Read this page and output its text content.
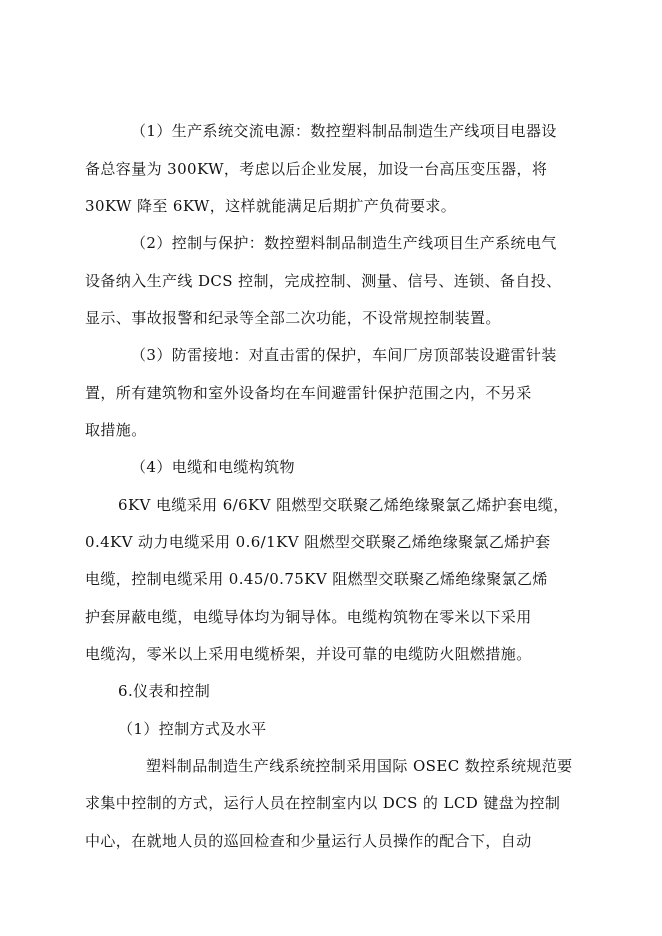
（1）生产系统交流电源：数控塑料制品制造生产线项目电器设
备总容量为 300KW，考虑以后企业发展，加设一台高压变压器，将
30KW 降至 6KW，这样就能满足后期扩产负荷要求。
（2）控制与保护：数控塑料制品制造生产线项目生产系统电气
设备纳入生产线 DCS 控制，完成控制、测量、信号、连锁、备自投、
显示、事故报警和纪录等全部二次功能，不设常规控制装置。
（3）防雷接地：对直击雷的保护，车间厂房顶部装设避雷针装
置，所有建筑物和室外设备均在车间避雷针保护范围之内，不另采
取措施。
（4）电缆和电缆构筑物
6KV 电缆采用 6/6KV 阻燃型交联聚乙烯绝缘聚氯乙烯护套电缆，
0.4KV 动力电缆采用 0.6/1KV 阻燃型交联聚乙烯绝缘聚氯乙烯护套
电缆，控制电缆采用 0.45/0.75KV 阻燃型交联聚乙烯绝缘聚氯乙烯
护套屏蔽电缆，电缆导体均为铜导体。电缆构筑物在零米以下采用
电缆沟，零米以上采用电缆桥架，并设可靠的电缆防火阻燃措施。
6.仪表和控制
（1）控制方式及水平
塑料制品制造生产线系统控制采用国际 OSEC 数控系统规范要
求集中控制的方式，运行人员在控制室内以 DCS 的 LCD 键盘为控制
中心，在就地人员的巡回检查和少量运行人员操作的配合下，自动
